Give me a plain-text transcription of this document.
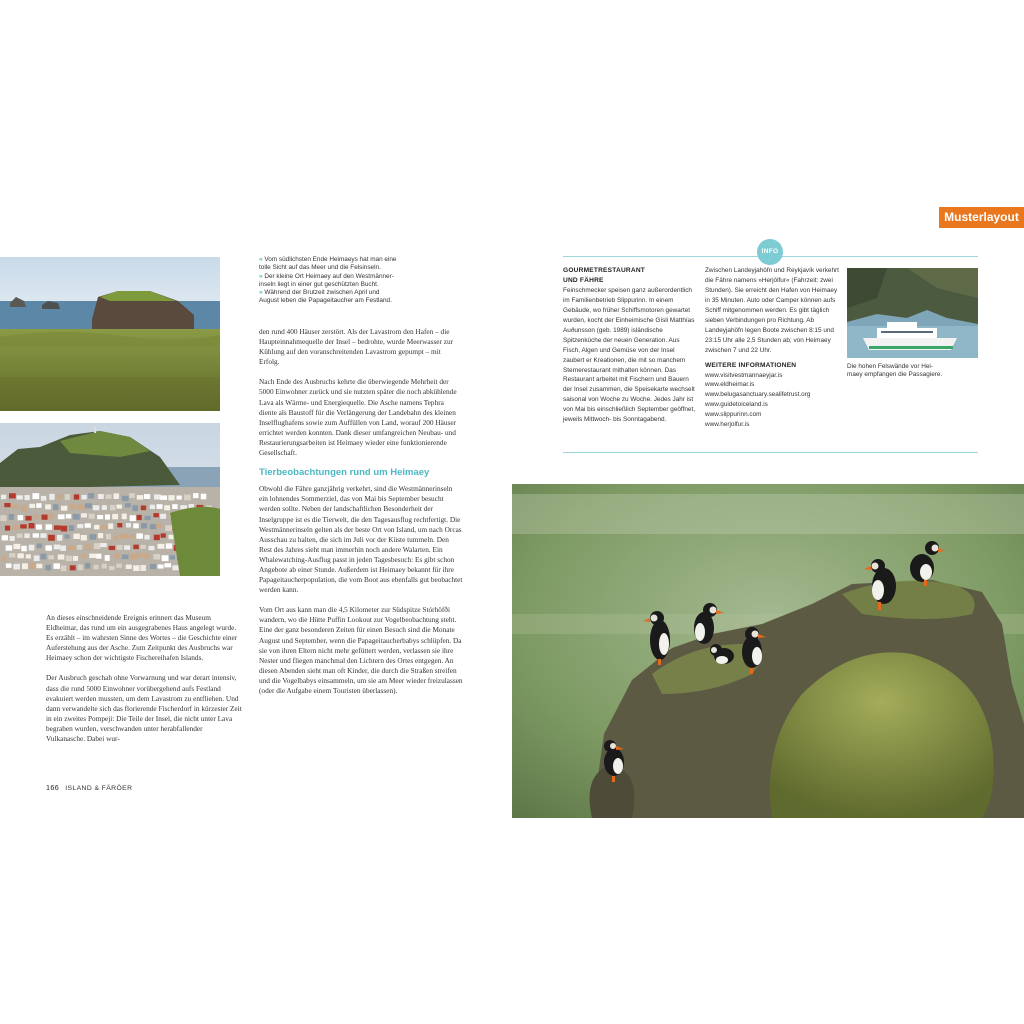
Musterlayout

« Vom südlichsten Ende Heimaeys hat man eine

tolle Sicht auf das Meer und die Felsinseln.

« Der kleine Ort Heimaey auf den Westmänner-

inseln liegt in einer gut geschützten Bucht.

» Während der Brutzeit zwischen April und

August leben die Papageitaucher am Festland.

An dieses einschneidende Ereignis erinnert das Museum Eldheimar, das rund um ein ausgegrabenes Haus angelegt wurde. Es erzählt – im wahrsten Sinne des Wortes – die Geschichte einer Auferstehung aus der Asche. Zum Zeitpunkt des Ausbruchs war Heimaey schon der wichtigste Fischereihafen Islands.

Der Ausbruch geschah ohne Vorwarnung und war derart intensiv, dass die rund 5000 Einwohner vorübergehend aufs Festland evakuiert werden mussten, um dem Lavastrom zu entfliehen. Und dann verwandelte sich das florierende Fischerdorf in kürzester Zeit in ein zweites Pompeji: Die Teile der Insel, die nicht unter Lava begraben wurden, verschwanden unter herabfallender Vulkanasche. Dabei wur-

den rund 400 Häuser zerstört. Als der Lavastrom den Hafen – die Haupteinnahmequelle der Insel – bedrohte, wurde Meerwasser zur Kühlung auf den voranschreitenden Lavastrom gepumpt – mit Erfolg.

Nach Ende des Ausbruchs kehrte die überwiegende Mehrheit der 5000 Einwohner zurück und sie nutzten später die noch abkühlende Lava als Wärme- und Energiequelle. Die Asche namens Tephra diente als Baustoff für die Verlängerung der Landebahn des kleinen Inselflughafens sowie zum Auffüllen von Land, worauf 200 Häuser errichtet werden konnten. Dank dieser umfangreichen Neubau- und Restaurierungsarbeiten ist Heimaey wieder eine funktionierende Gesellschaft.

Tierbeobachtungen rund um Heimaey

Obwohl die Fähre ganzjährig verkehrt, sind die Westmännerinseln ein lohnendes Sommerziel, das von Mai bis September besucht werden sollte. Neben der landschaftlichen Besonderheit der Inselgruppe ist es die Tierwelt, die den Tagesausflug rechtfertigt. Die Westmännerinseln gelten als der beste Ort von Island, um nach Orcas Ausschau zu halten, die sich im Juli vor der Küste tummeln. Den Rest des Jahres sieht man immerhin noch andere Walarten. Ein Whalewatching-Ausflug passt in jeden Tagesbesuch: Es gibt schon Angebote ab einer Stunde. Außerdem ist Heimaey bekannt für ihre Papageitaucherpopulation, die vom Boot aus ebenfalls gut beobachtet werden kann.

Vom Ort aus kann man die 4,5 Kilometer zur Südspitze Stórhöfði wandern, wo die Hütte Puffin Lookout zur Vogelbeobachtung steht. Eine der ganz besonderen Zeiten für einen Besuch sind die Monate August und September, wenn die Papageitaucherbabys schlüpfen. Da sie von ihren Eltern nicht mehr gefüttert werden, verlassen sie ihre Nester und fliegen manchmal den Lichtern des Ortes entgegen. An diesen Abenden sieht man oft Kinder, die durch die Straßen streifen und die Vogelbabys einsammeln, um sie am Meer wieder freizulassen (oder die Aufgabe einem Touristen überlassen).

INFO

GOURMETRESTAURANT

UND FÄHRE

Feinschmecker speisen ganz außerordentlich im Familienbetrieb Slippurinn. In einem Gebäude, wo früher Schiffsmotoren gewartet wurden, kocht der Einheimische Gísli Matthías Auðunsson (geb. 1989) isländische Spitzenküche der neuen Generation. Aus Fisch, Algen und Gemüse von der Insel zaubert er Kreationen, die mit so manchem Sternerestaurant mithalten können. Das Restaurant arbeitet mit Fischern und Bauern der Insel zusammen, die Speisekarte wechselt saisonal von Woche zu Woche. Jedes Jahr ist von Mai bis einschließlich September geöffnet, jeweils Mittwoch- bis Sonntagabend.

Zwischen Landeyjahöfn und Reykjavík verkehrt die Fähre namens »Herjólfur« (Fahrzeit: zwei Stunden). Sie erreicht den Hafen von Heimaey in 35 Minuten. Auto oder Camper können aufs Schiff mitgenommen werden. Es gibt täglich sieben Verbindungen pro Richtung. Ab Landeyjahöfn legen Boote zwischen 8:15 und 23:15 Uhr alle 2,5 Stunden ab; von Heimaey zwischen 7 und 22 Uhr.

WEITERE INFORMATIONEN

www.visitvestmannaeyjar.is

www.eldheimar.is

www.belugasanctuary.sealifetrust.org

www.guidetoiceland.is

www.slippurinn.com

www.herjolfur.is

Die hohen Felswände vor Hei-

maey empfangen die Passagiere.

166 ISLAND & FÄRÖER
